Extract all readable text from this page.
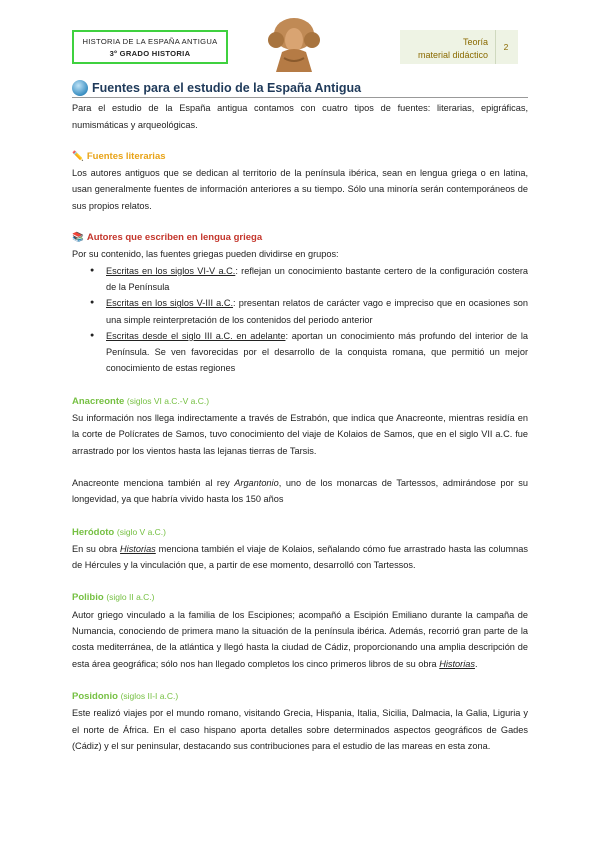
HISTORIA DE LA ESPAÑA ANTIGUA
3º GRADO HISTORIA
Teoría
material didáctico
2
Fuentes para el estudio de la España Antigua

Para el estudio de la España antigua contamos con cuatro tipos de fuentes: literarias, epigráficas, numismáticas y arqueológicas.

✏️ Fuentes literarias

Los autores antiguos que se dedican al territorio de la península ibérica, sean en lengua griega o en latina, usan generalmente fuentes de información anteriores a su tiempo. Sólo una minoría serán contemporáneos de sus propios relatos.

📚 Autores que escriben en lengua griega

Por su contenido, las fuentes griegas pueden dividirse en grupos:

● Escritas en los siglos VI-V a.C.: reflejan un conocimiento bastante certero de la configuración costera de la Península
● Escritas en los siglos V-III a.C.: presentan relatos de carácter vago e impreciso que en ocasiones son una simple reinterpretación de los contenidos del periodo anterior
● Escritas desde el siglo III a.C. en adelante: aportan un conocimiento más profundo del interior de la Península. Se ven favorecidas por el desarrollo de la conquista romana, que permitió un mejor conocimiento de estas regiones
Anacreonte (siglos VI a.C.-V a.C.)

Su información nos llega indirectamente a través de Estrabón, que indica que Anacreonte, mientras residía en la corte de Polícrates de Samos, tuvo conocimiento del viaje de Kolaios de Samos, que en el siglo VII a.C. fue arrastrado por los vientos hasta las lejanas tierras de Tarsis.

Anacreonte menciona también al rey Argantonio, uno de los monarcas de Tartessos, admirándose por su longevidad, ya que habría vivido hasta los 150 años

Heródoto (siglo V a.C.)

En su obra Historias menciona también el viaje de Kolaios, señalando cómo fue arrastrado hasta las columnas de Hércules y la vinculación que, a partir de ese momento, desarrolló con Tartessos.

Polibio (siglo II a.C.)

Autor griego vinculado a la familia de los Escipiones; acompañó a Escipión Emiliano durante la campaña de Numancia, conociendo de primera mano la situación de la península ibérica. Además, recorrió gran parte de la costa mediterránea, de la atlántica y llegó hasta la ciudad de Cádiz, proporcionando una amplia descripción de esta área geográfica; sólo nos han llegado completos los cinco primeros libros de su obra Historias.

Posidonio (siglos II-I a.C.)

Este realizó viajes por el mundo romano, visitando Grecia, Hispania, Italia, Sicilia, Dalmacia, la Galia, Liguria y el norte de África. En el caso hispano aporta detalles sobre determinados aspectos geográficos de Gades (Cádiz) y el sur peninsular, destacando sus contribuciones para el estudio de las mareas en esta zona.
